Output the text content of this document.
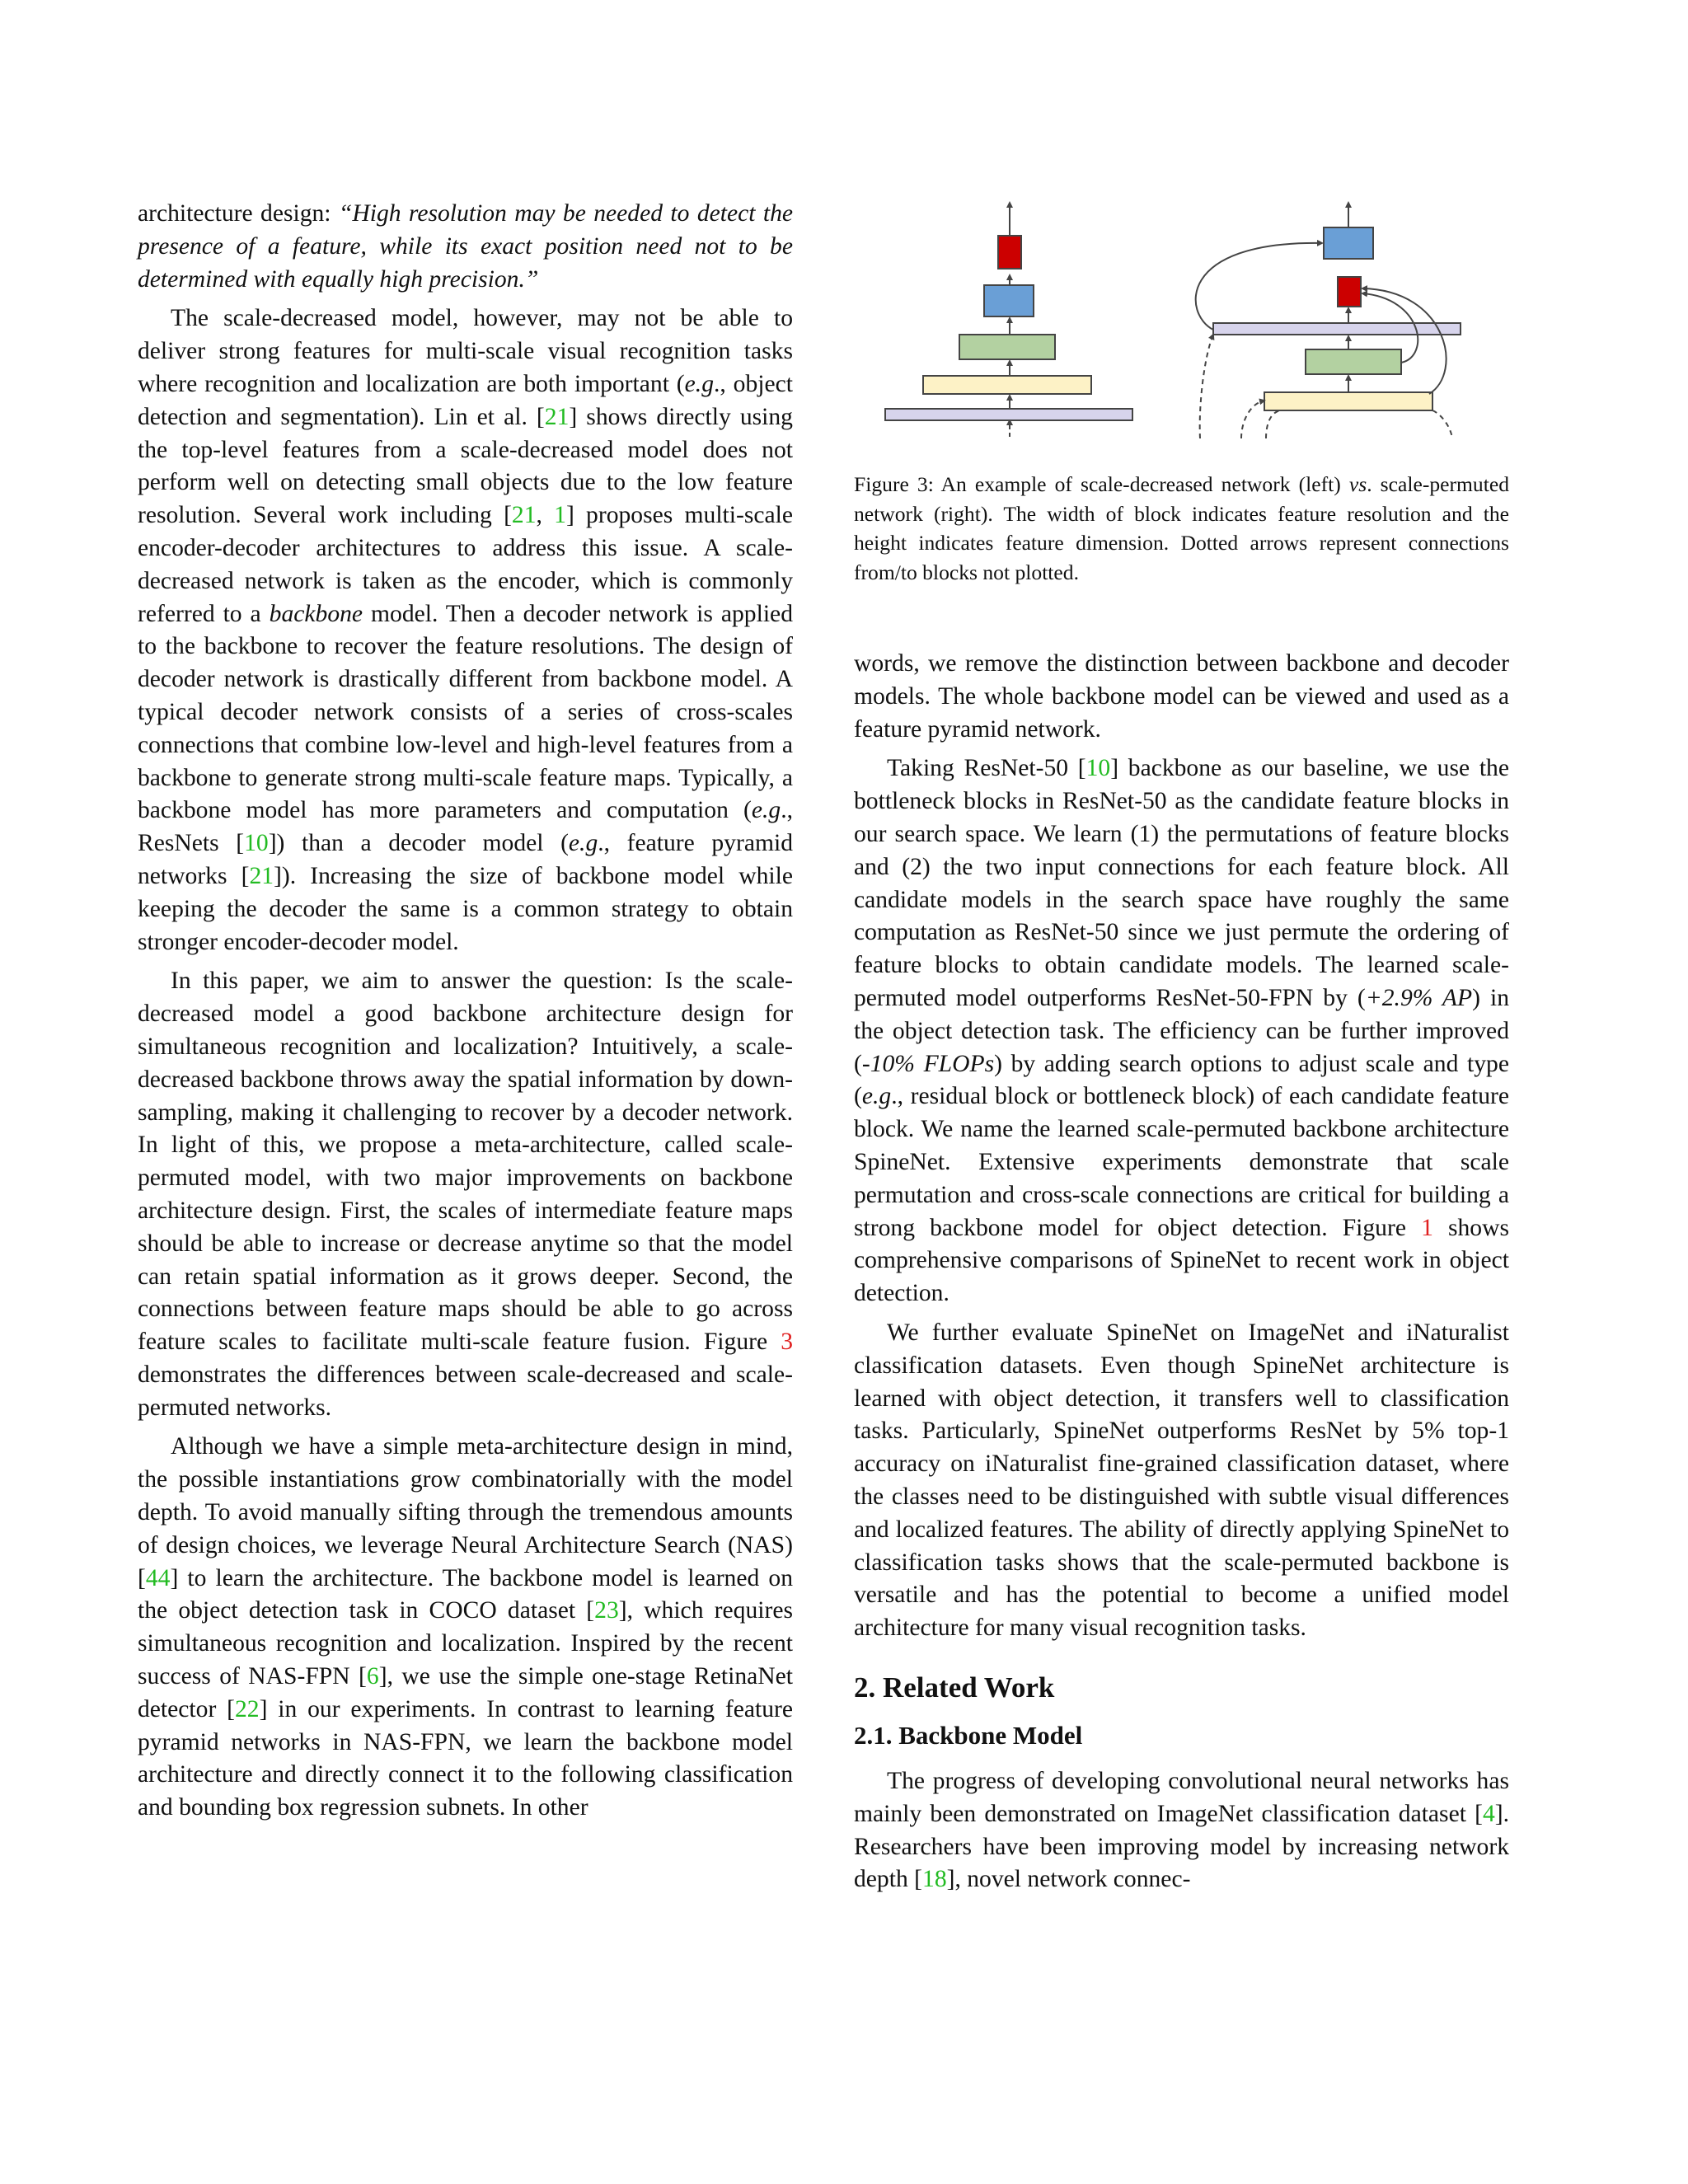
architecture design: “High resolution may be needed to detect the presence of a feature, while its exact position need not to be determined with equally high precision.”

The scale-decreased model, however, may not be able to deliver strong features for multi-scale visual recognition tasks where recognition and localization are both important (e.g., object detection and segmentation). Lin et al. [21] shows directly using the top-level features from a scale-decreased model does not perform well on detecting small objects due to the low feature resolution. Several work including [21, 1] proposes multi-scale encoder-decoder architectures to address this issue. A scale-decreased network is taken as the encoder, which is commonly referred to a backbone model. Then a decoder network is applied to the backbone to recover the feature resolutions. The design of decoder network is drastically different from backbone model. A typical decoder network consists of a series of cross-scales connections that combine low-level and high-level features from a backbone to generate strong multi-scale feature maps. Typically, a backbone model has more parameters and computation (e.g., ResNets [10]) than a decoder model (e.g., feature pyramid networks [21]). Increasing the size of backbone model while keeping the decoder the same is a common strategy to obtain stronger encoder-decoder model.

In this paper, we aim to answer the question: Is the scale-decreased model a good backbone architecture design for simultaneous recognition and localization? Intuitively, a scale-decreased backbone throws away the spatial information by down-sampling, making it challenging to recover by a decoder network. In light of this, we propose a meta-architecture, called scale-permuted model, with two major improvements on backbone architecture design. First, the scales of intermediate feature maps should be able to increase or decrease anytime so that the model can retain spatial information as it grows deeper. Second, the connections between feature maps should be able to go across feature scales to facilitate multi-scale feature fusion. Figure 3 demonstrates the differences between scale-decreased and scale-permuted networks.

Although we have a simple meta-architecture design in mind, the possible instantiations grow combinatorially with the model depth. To avoid manually sifting through the tremendous amounts of design choices, we leverage Neural Architecture Search (NAS) [44] to learn the architecture. The backbone model is learned on the object detection task in COCO dataset [23], which requires simultaneous recognition and localization. Inspired by the recent success of NAS-FPN [6], we use the simple one-stage RetinaNet detector [22] in our experiments. In contrast to learning feature pyramid networks in NAS-FPN, we learn the backbone model architecture and directly connect it to the following classification and bounding box regression subnets. In other

Figure 3: An example of scale-decreased network (left) vs. scale-permuted network (right). The width of block indicates feature resolution and the height indicates feature dimension. Dotted arrows represent connections from/to blocks not plotted.

words, we remove the distinction between backbone and decoder models. The whole backbone model can be viewed and used as a feature pyramid network.

Taking ResNet-50 [10] backbone as our baseline, we use the bottleneck blocks in ResNet-50 as the candidate feature blocks in our search space. We learn (1) the permutations of feature blocks and (2) the two input connections for each feature block. All candidate models in the search space have roughly the same computation as ResNet-50 since we just permute the ordering of feature blocks to obtain candidate models. The learned scale-permuted model outperforms ResNet-50-FPN by (+2.9% AP) in the object detection task. The efficiency can be further improved (-10% FLOPs) by adding search options to adjust scale and type (e.g., residual block or bottleneck block) of each candidate feature block. We name the learned scale-permuted backbone architecture SpineNet. Extensive experiments demonstrate that scale permutation and cross-scale connections are critical for building a strong backbone model for object detection. Figure 1 shows comprehensive comparisons of SpineNet to recent work in object detection.

We further evaluate SpineNet on ImageNet and iNaturalist classification datasets. Even though SpineNet architecture is learned with object detection, it transfers well to classification tasks. Particularly, SpineNet outperforms ResNet by 5% top-1 accuracy on iNaturalist fine-grained classification dataset, where the classes need to be distinguished with subtle visual differences and localized features. The ability of directly applying SpineNet to classification tasks shows that the scale-permuted backbone is versatile and has the potential to become a unified model architecture for many visual recognition tasks.

2. Related Work
2.1. Backbone Model

The progress of developing convolutional neural networks has mainly been demonstrated on ImageNet classification dataset [4]. Researchers have been improving model by increasing network depth [18], novel network connec-
